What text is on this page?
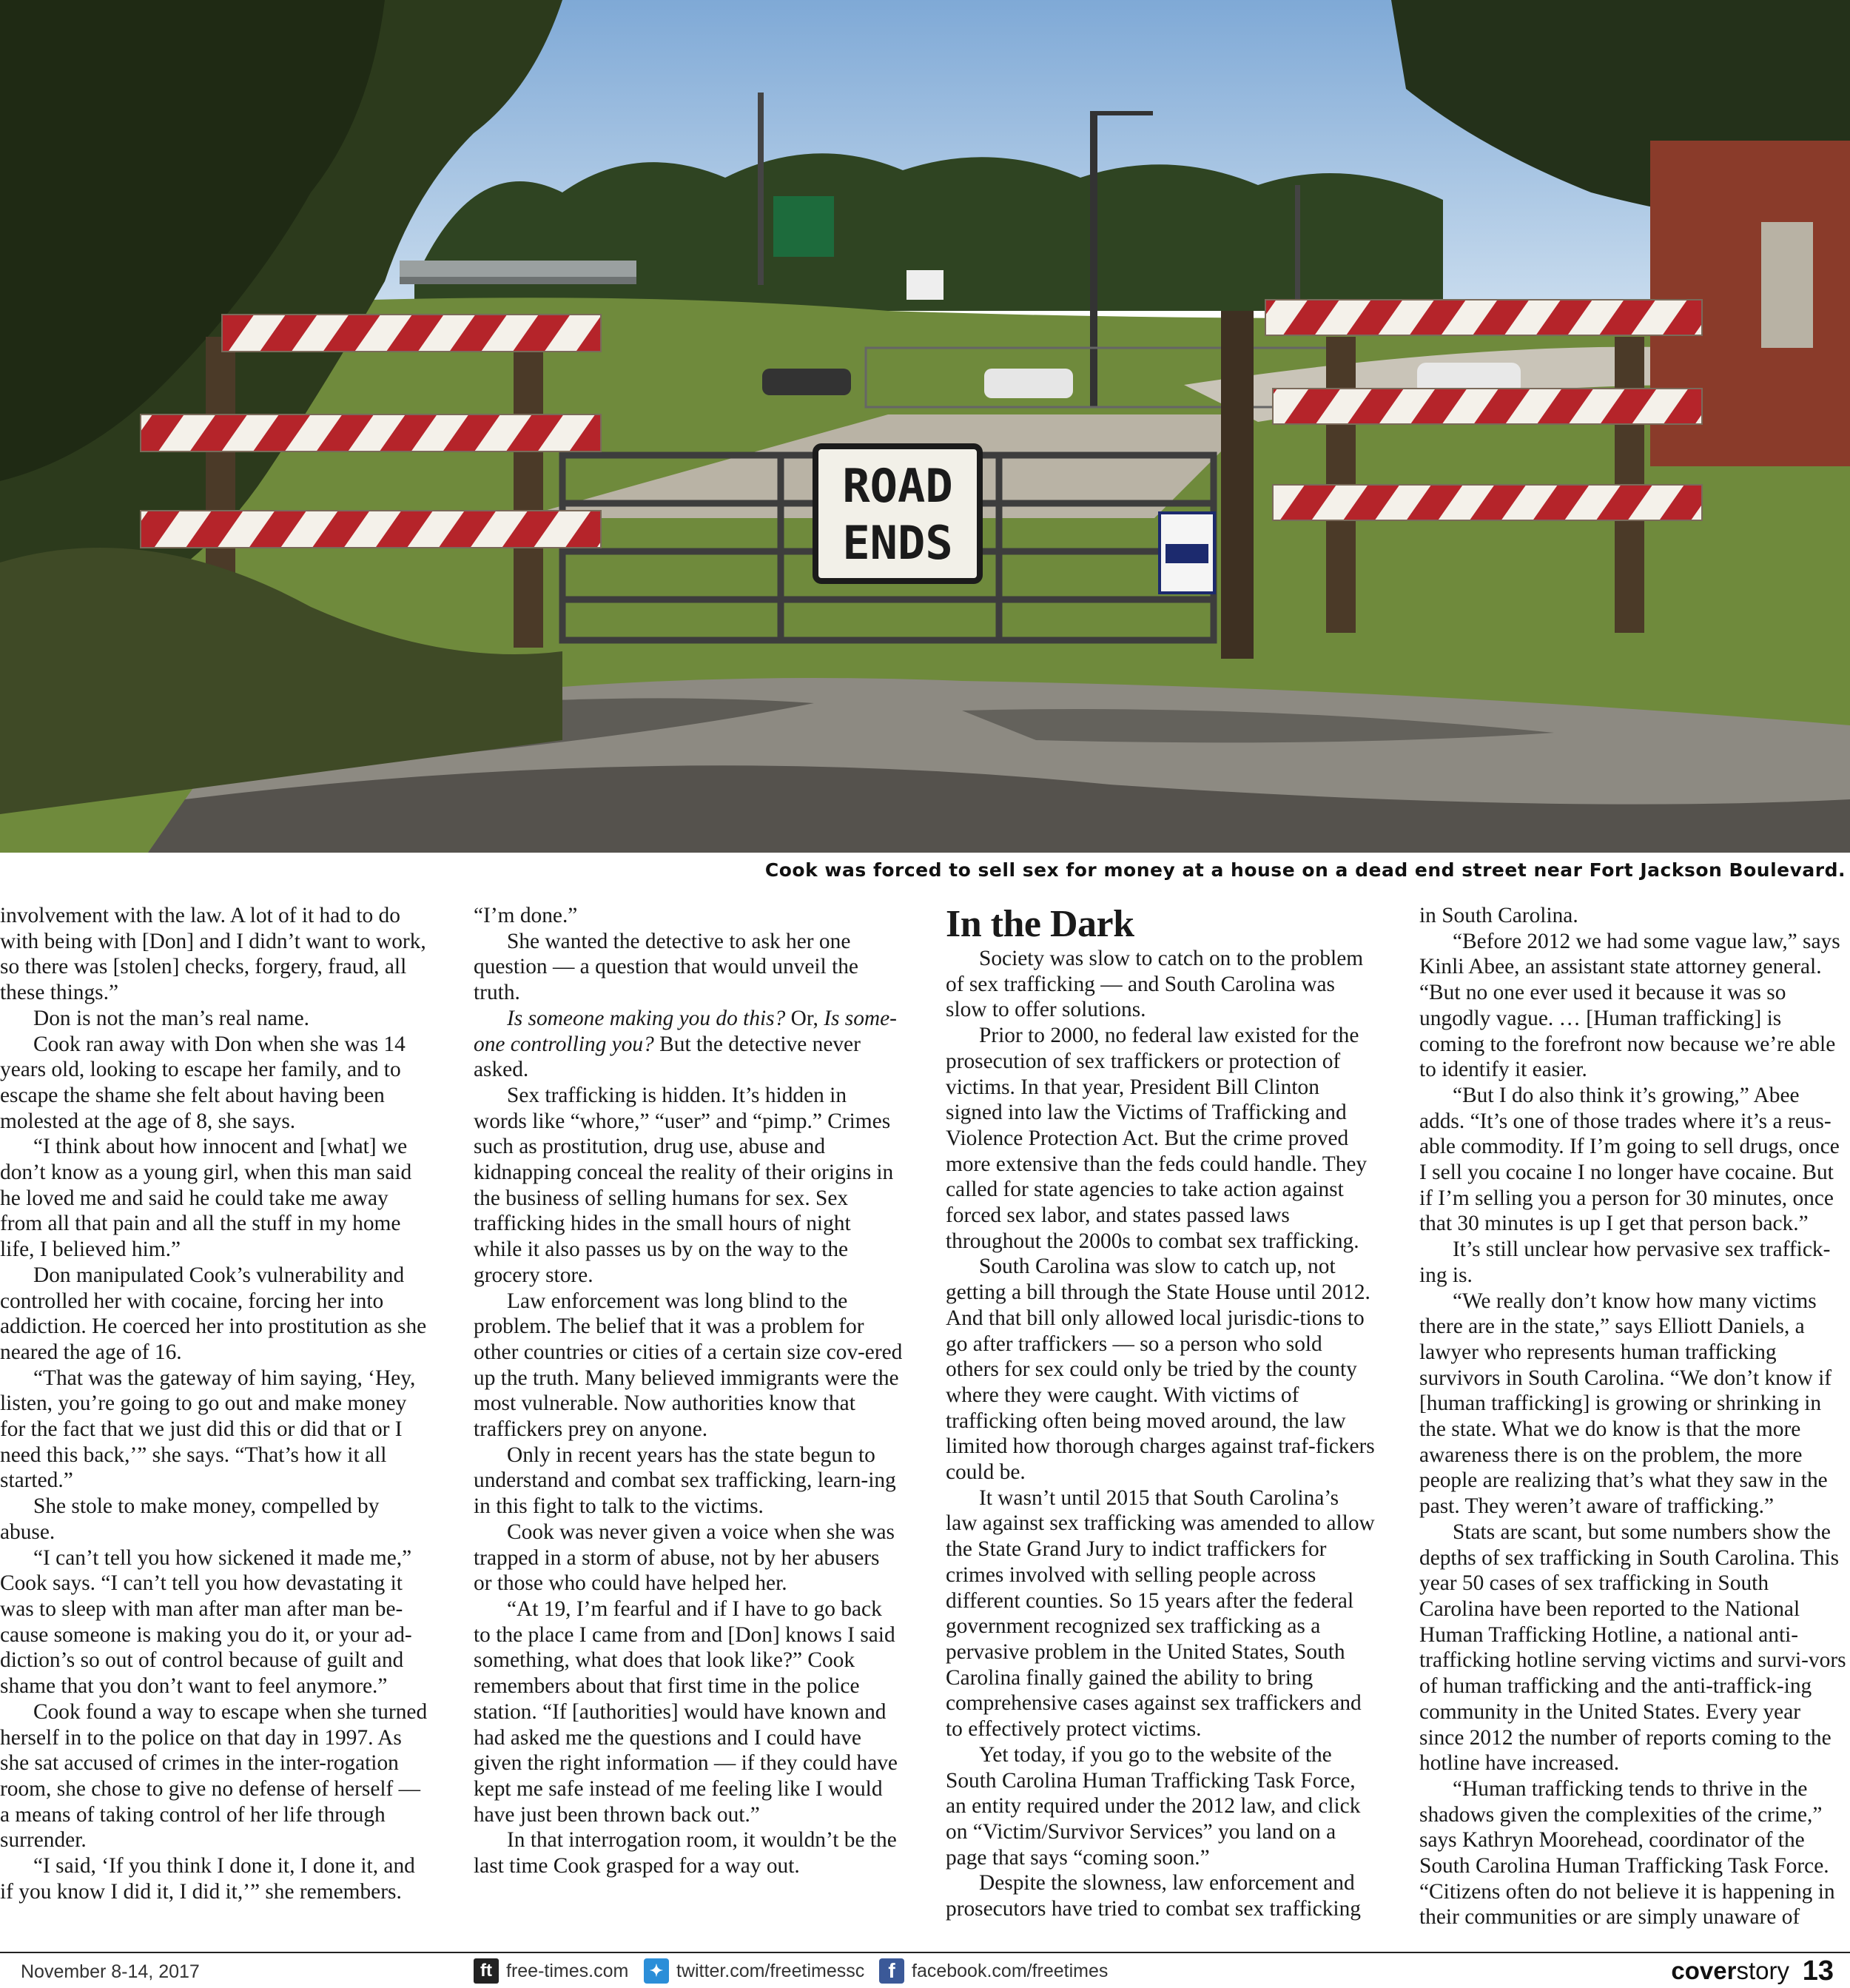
ROAD
ENDS
Cook was forced to sell sex for money at a house on a dead end street near Fort Jackson Boulevard.

involvement with the law. A lot of it had to do with being with [Don] and I didn’t want to work, so there was [stolen] checks, forgery, fraud, all these things.”

Don is not the man’s real name.

Cook ran away with Don when she was 14 years old, looking to escape her family, and to escape the shame she felt about having been molested at the age of 8, she says.

“I think about how innocent and [what] we don’t know as a young girl, when this man said he loved me and said he could take me away from all that pain and all the stuff in my home life, I believed him.”

Don manipulated Cook’s vulnerability and controlled her with cocaine, forcing her into addiction. He coerced her into prostitution as she neared the age of 16.

“That was the gateway of him saying, ‘Hey, listen, you’re going to go out and make money for the fact that we just did this or did that or I need this back,’” she says. “That’s how it all started.”

She stole to make money, compelled by abuse.

“I can’t tell you how sickened it made me,” Cook says. “I can’t tell you how devastating it was to sleep with man after man after man be-cause someone is making you do it, or your ad-diction’s so out of control because of guilt and shame that you don’t want to feel anymore.”

Cook found a way to escape when she turned herself in to the police on that day in 1997. As she sat accused of crimes in the inter-rogation room, she chose to give no defense of herself — a means of taking control of her life through surrender.

“I said, ‘If you think I done it, I done it, and if you know I did it, I did it,’” she remembers.

“I’m done.”

She wanted the detective to ask her one question — a question that would unveil the truth.

Is someone making you do this? Or, Is some-one controlling you? But the detective never asked.

Sex trafficking is hidden. It’s hidden in words like “whore,” “user” and “pimp.” Crimes such as prostitution, drug use, abuse and kidnapping conceal the reality of their origins in the business of selling humans for sex. Sex trafficking hides in the small hours of night while it also passes us by on the way to the grocery store.

Law enforcement was long blind to the problem. The belief that it was a problem for other countries or cities of a certain size cov-ered up the truth. Many believed immigrants were the most vulnerable. Now authorities know that traffickers prey on anyone.

Only in recent years has the state begun to understand and combat sex trafficking, learn-ing in this fight to talk to the victims.

Cook was never given a voice when she was trapped in a storm of abuse, not by her abusers or those who could have helped her.

“At 19, I’m fearful and if I have to go back to the place I came from and [Don] knows I said something, what does that look like?” Cook remembers about that first time in the police station. “If [authorities] would have known and had asked me the questions and I could have given the right information — if they could have kept me safe instead of me feeling like I would have just been thrown back out.”

In that interrogation room, it wouldn’t be the last time Cook grasped for a way out.

In the Dark

Society was slow to catch on to the problem of sex trafficking — and South Carolina was slow to offer solutions.

Prior to 2000, no federal law existed for the prosecution of sex traffickers or protection of victims. In that year, President Bill Clinton signed into law the Victims of Trafficking and Violence Protection Act. But the crime proved more extensive than the feds could handle. They called for state agencies to take action against forced sex labor, and states passed laws throughout the 2000s to combat sex trafficking.

South Carolina was slow to catch up, not getting a bill through the State House until 2012. And that bill only allowed local jurisdic-tions to go after traffickers — so a person who sold others for sex could only be tried by the county where they were caught. With victims of trafficking often being moved around, the law limited how thorough charges against traf-fickers could be.

It wasn’t until 2015 that South Carolina’s law against sex trafficking was amended to allow the State Grand Jury to indict traffickers for crimes involved with selling people across different counties. So 15 years after the federal government recognized sex trafficking as a pervasive problem in the United States, South Carolina finally gained the ability to bring comprehensive cases against sex traffickers and to effectively protect victims.

Yet today, if you go to the website of the South Carolina Human Trafficking Task Force, an entity required under the 2012 law, and click on “Victim/Survivor Services” you land on a page that says “coming soon.”

Despite the slowness, law enforcement and prosecutors have tried to combat sex trafficking

in South Carolina.

“Before 2012 we had some vague law,” says Kinli Abee, an assistant state attorney general. “But no one ever used it because it was so ungodly vague. … [Human trafficking] is coming to the forefront now because we’re able to identify it easier.

“But I do also think it’s growing,” Abee adds. “It’s one of those trades where it’s a reus-able commodity. If I’m going to sell drugs, once I sell you cocaine I no longer have cocaine. But if I’m selling you a person for 30 minutes, once that 30 minutes is up I get that person back.”

It’s still unclear how pervasive sex traffick-ing is.

“We really don’t know how many victims there are in the state,” says Elliott Daniels, a lawyer who represents human trafficking survivors in South Carolina. “We don’t know if [human trafficking] is growing or shrinking in the state. What we do know is that the more awareness there is on the problem, the more people are realizing that’s what they saw in the past. They weren’t aware of trafficking.”

Stats are scant, but some numbers show the depths of sex trafficking in South Carolina. This year 50 cases of sex trafficking in South Carolina have been reported to the National Human Trafficking Hotline, a national anti-trafficking hotline serving victims and survi-vors of human trafficking and the anti-traffick-ing community in the United States. Every year since 2012 the number of reports coming to the hotline have increased.

“Human trafficking tends to thrive in the shadows given the complexities of the crime,” says Kathryn Moorehead, coordinator of the South Carolina Human Trafficking Task Force. “Citizens often do not believe it is happening in their communities or are simply unaware of

November 8-14, 2017	ft free-times.com	✦ twitter.com/freetimessc	f facebook.com/freetimes	coverstory 13
